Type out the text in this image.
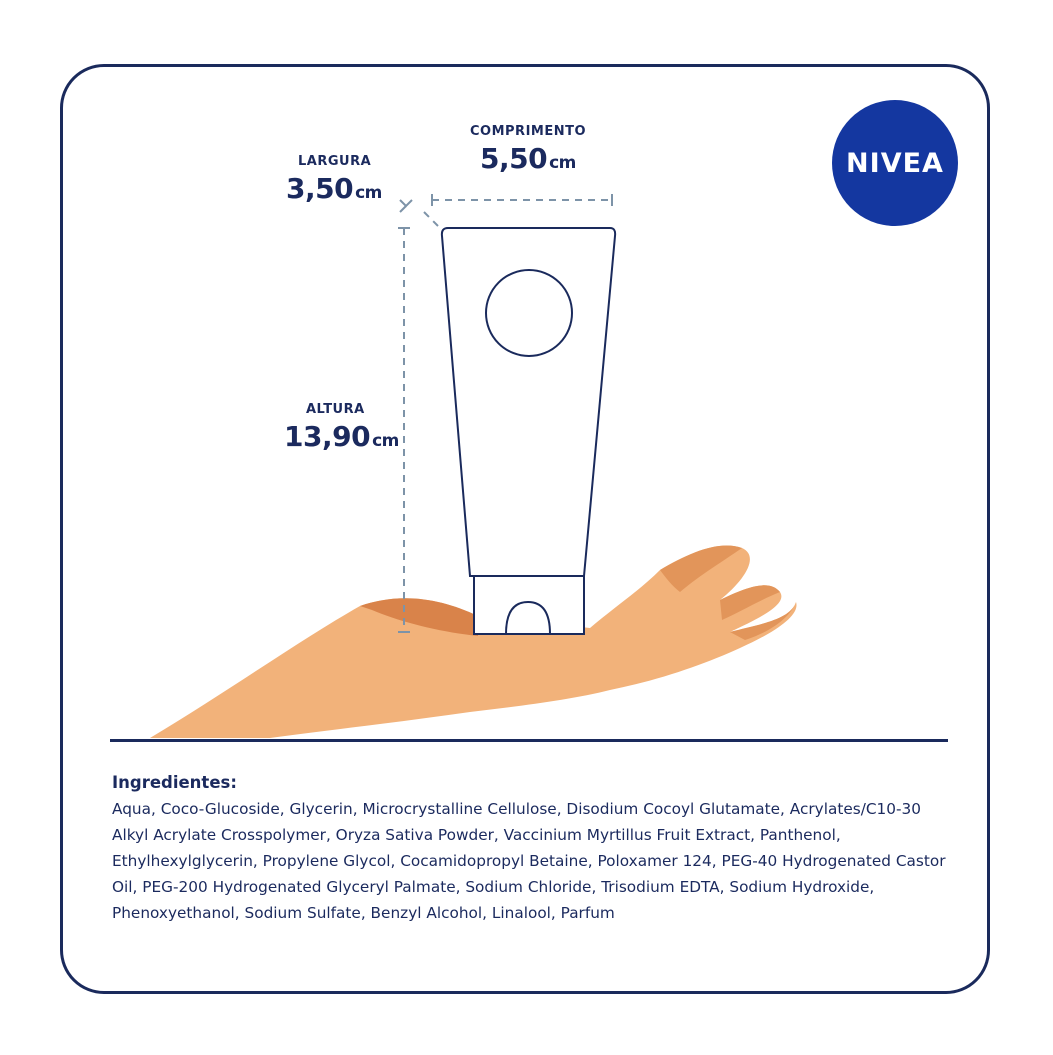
LARGURA
3,50 cm
COMPRIMENTO
5,50 cm
ALTURA
13,90 cm
NIVEA
Ingredientes:
Aqua, Coco-Glucoside, Glycerin, Microcrystalline Cellulose, Disodium Cocoyl Glutamate, Acrylates/C10-30 Alkyl Acrylate Crosspolymer, Oryza Sativa Powder, Vaccinium Myrtillus Fruit Extract, Panthenol, Ethylhexylglycerin, Propylene Glycol, Cocamidopropyl Betaine, Poloxamer 124, PEG-40 Hydrogenated Castor Oil, PEG-200 Hydrogenated Glyceryl Palmate, Sodium Chloride, Trisodium EDTA, Sodium Hydroxide, Phenoxyethanol, Sodium Sulfate, Benzyl Alcohol, Linalool, Parfum
